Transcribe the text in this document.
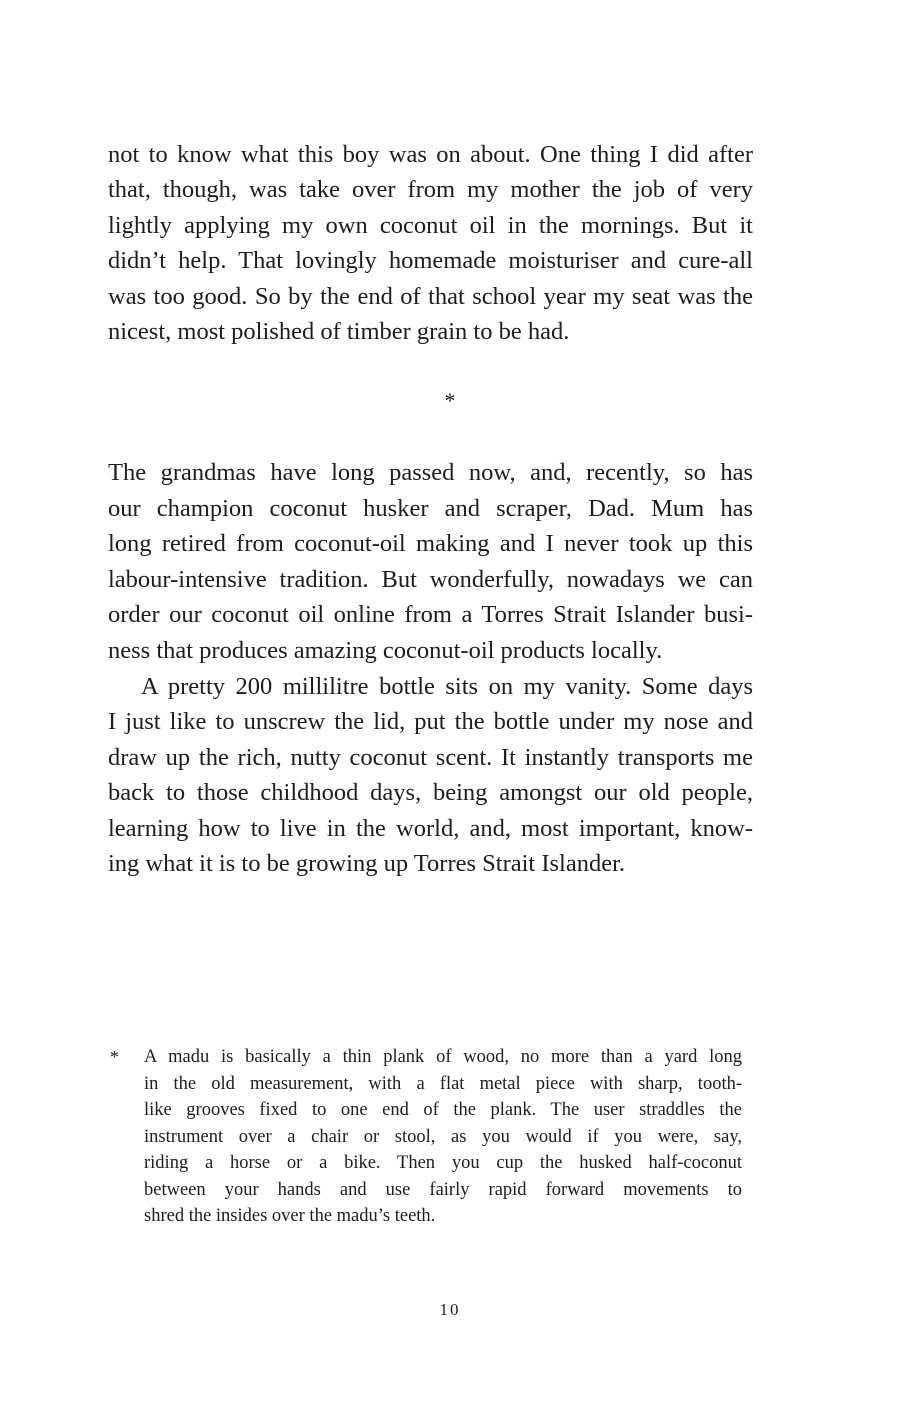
not to know what this boy was on about. One thing I did after
that, though, was take over from my mother the job of very
lightly applying my own coconut oil in the mornings. But it
didn’t help. That lovingly homemade moisturiser and cure-all
was too good. So by the end of that school year my seat was the
nicest, most polished of timber grain to be had.
*
The grandmas have long passed now, and, recently, so has
our champion coconut husker and scraper, Dad. Mum has
long retired from coconut-oil making and I never took up this
labour-intensive tradition. But wonderfully, nowadays we can
order our coconut oil online from a Torres Strait Islander busi-
ness that produces amazing coconut-oil products locally.
A pretty 200 millilitre bottle sits on my vanity. Some days
I just like to unscrew the lid, put the bottle under my nose and
draw up the rich, nutty coconut scent. It instantly transports me
back to those childhood days, being amongst our old people,
learning how to live in the world, and, most important, know-
ing what it is to be growing up Torres Strait Islander.
* A madu is basically a thin plank of wood, no more than a yard long
in the old measurement, with a flat metal piece with sharp, tooth-
like grooves fixed to one end of the plank. The user straddles the
instrument over a chair or stool, as you would if you were, say,
riding a horse or a bike. Then you cup the husked half-coconut
between your hands and use fairly rapid forward movements to
shred the insides over the madu’s teeth.
10
